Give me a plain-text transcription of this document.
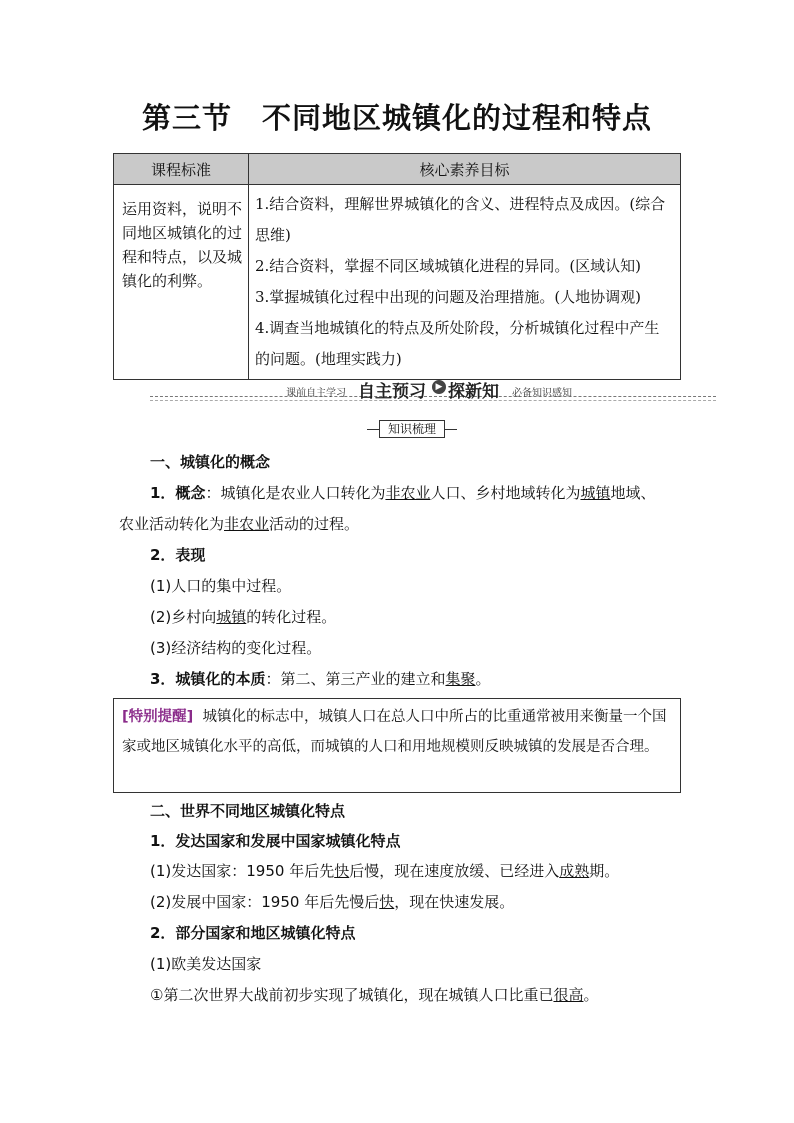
第三节　不同地区城镇化的过程和特点
课程标准	核心素养目标
运用资料，说明不同地区城镇化的过程和特点，以及城镇化的利弊。	1.结合资料，理解世界城镇化的含义、进程特点及成因。(综合思维)
2.结合资料，掌握不同区域城镇化进程的异同。(区域认知)
3.掌握城镇化过程中出现的问题及治理措施。(人地协调观)
4.调查当地城镇化的特点及所处阶段，分析城镇化过程中产生的问题。(地理实践力)
课前自主学习 自主预习	▶ 探新知 必备知识感知
知识梳理
一、城镇化的概念
1．概念：城镇化是农业人口转化为非农业人口、乡村地域转化为城镇地域、
农业活动转化为非农业活动的过程。
2．表现
(1)人口的集中过程。
(2)乡村向城镇的转化过程。
(3)经济结构的变化过程。
3．城镇化的本质：第二、第三产业的建立和集聚。
[特别提醒] 城镇化的标志中，城镇人口在总人口中所占的比重通常被用来衡量一个国家或地区城镇化水平的高低，而城镇的人口和用地规模则反映城镇的发展是否合理。
二、世界不同地区城镇化特点
1．发达国家和发展中国家城镇化特点
(1)发达国家：1950 年后先快后慢，现在速度放缓、已经进入成熟期。
(2)发展中国家：1950 年后先慢后快，现在快速发展。
2．部分国家和地区城镇化特点
(1)欧美发达国家
①第二次世界大战前初步实现了城镇化，现在城镇人口比重已很高。
